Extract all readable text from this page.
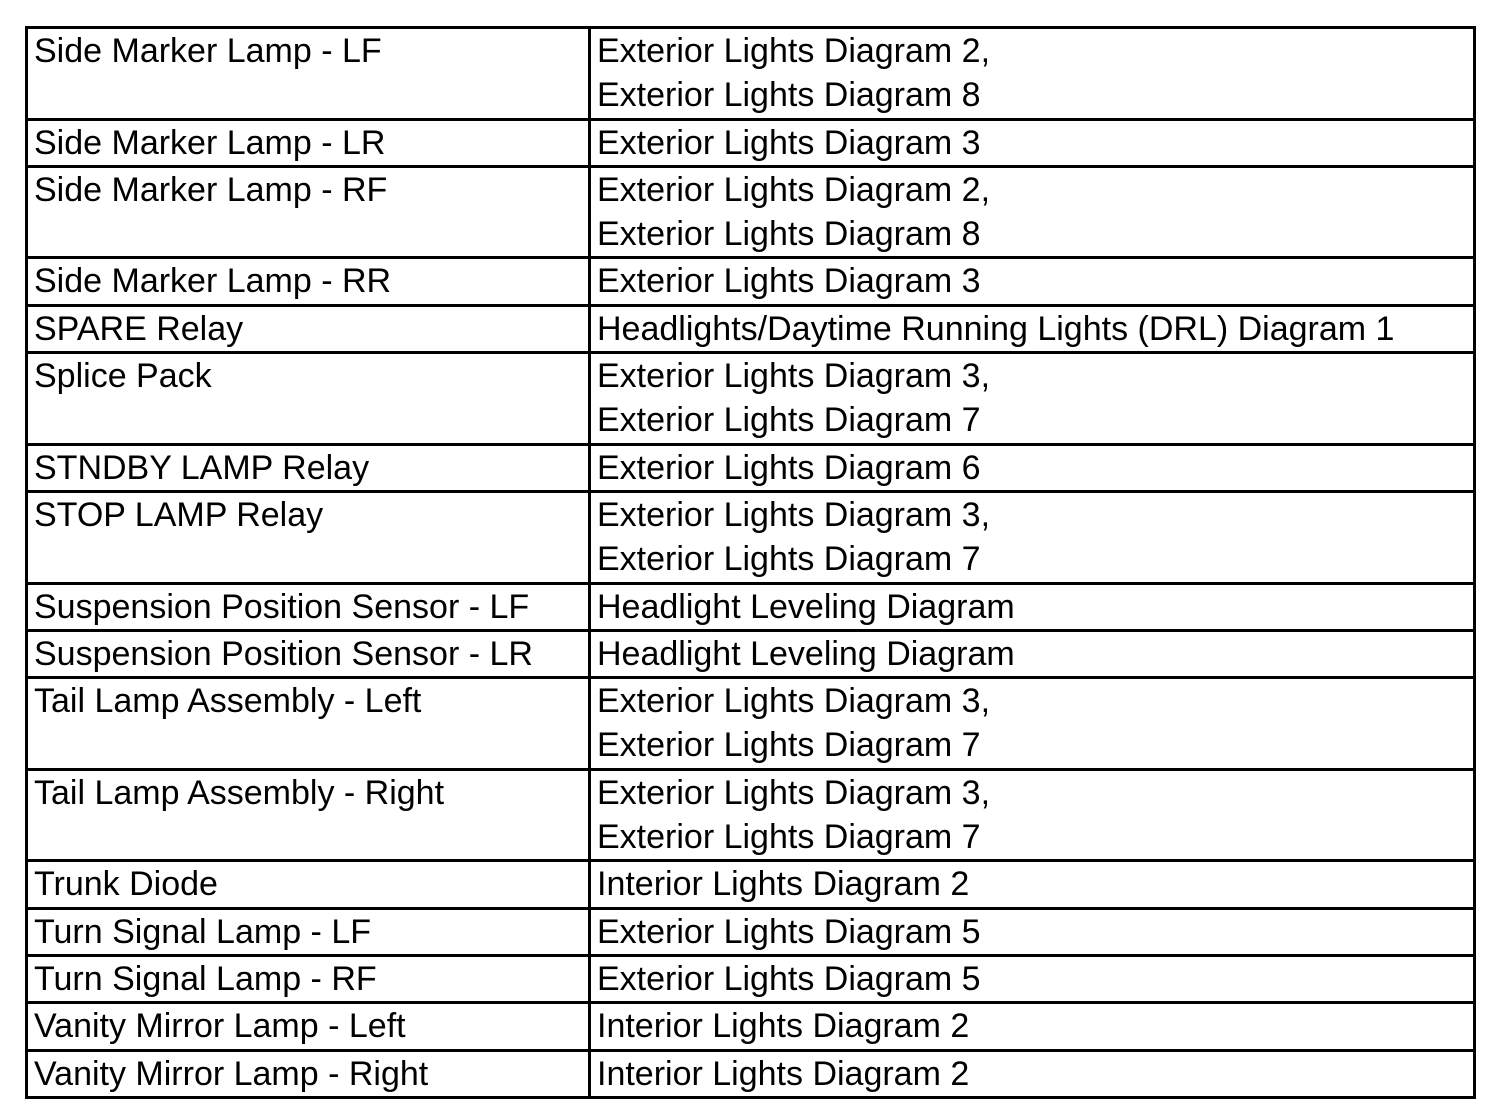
Side Marker Lamp - LF	Exterior Lights Diagram 2,
Exterior Lights Diagram 8

Side Marker Lamp - LR	Exterior Lights Diagram 3

Side Marker Lamp - RF	Exterior Lights Diagram 2,
Exterior Lights Diagram 8

Side Marker Lamp - RR	Exterior Lights Diagram 3

SPARE Relay	Headlights/Daytime Running Lights (DRL) Diagram 1

Splice Pack	Exterior Lights Diagram 3,
Exterior Lights Diagram 7

STNDBY LAMP Relay	Exterior Lights Diagram 6

STOP LAMP Relay	Exterior Lights Diagram 3,
Exterior Lights Diagram 7

Suspension Position Sensor - LF	Headlight Leveling Diagram

Suspension Position Sensor - LR	Headlight Leveling Diagram

Tail Lamp Assembly - Left	Exterior Lights Diagram 3,
Exterior Lights Diagram 7

Tail Lamp Assembly - Right	Exterior Lights Diagram 3,
Exterior Lights Diagram 7

Trunk Diode	Interior Lights Diagram 2

Turn Signal Lamp - LF	Exterior Lights Diagram 5

Turn Signal Lamp - RF	Exterior Lights Diagram 5

Vanity Mirror Lamp - Left	Interior Lights Diagram 2

Vanity Mirror Lamp - Right	Interior Lights Diagram 2
